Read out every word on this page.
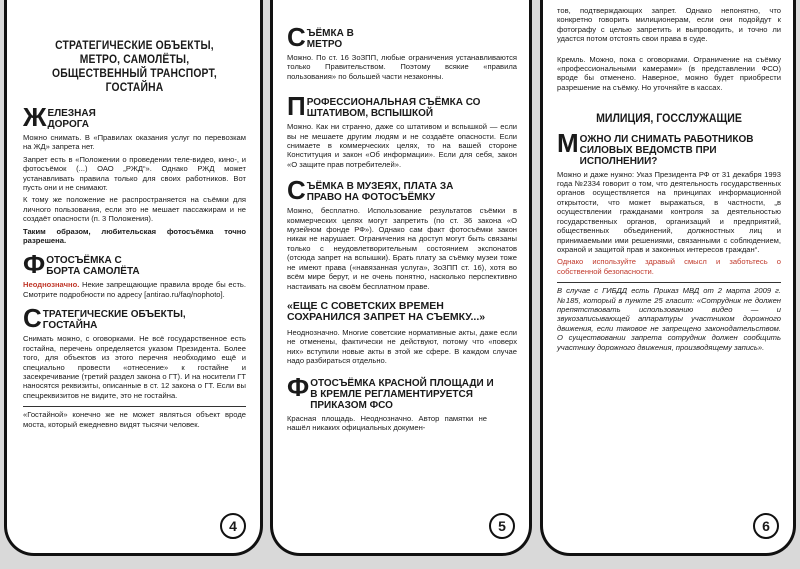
СТРАТЕГИЧЕСКИЕ ОБЪЕКТЫ, МЕТРО, САМОЛЁТЫ, ОБЩЕСТВЕННЫЙ ТРАНСПОРТ, ГОСТАЙНА
Ж ЕЛЕЗНАЯ ДОРОГА

Можно снимать. В «Правилах оказания услуг по перевозкам на ЖД» запрета нет.

Запрет есть в «Положении о проведении теле-видео, кино-, и фотосъёмок (...) ОАО „РЖД“». Однако РЖД может устанавливать правила только для своих работников. Вот пусть они и не снимают.

К тому же положение не распространяется на съёмки для личного пользования, если это не мешает пассажирам и не создаёт опасности (п. 3 Положения).

Таким образом, любительская фотосъёмка точно разрешена.

Ф ОТОСЪЁМКА С БОРТА САМОЛЁТА

Неоднозначно. Некие запрещающие правила вроде бы есть. Смотрите подробности по адресу [antirao.ru/faq/nophoto].

С ТРАТЕГИЧЕСКИЕ ОБЪЕКТЫ, ГОСТАЙНА

Снимать можно, с оговорками. Не всё государственное есть гостайна, перечень определяется указом Президента. Более того, для объектов из этого перечня необходимо ещё и специально провести «отнесение» к гостайне и засекречивание (третий раздел закона о ГТ). И на носители ГТ наносятся реквизиты, описанные в ст. 12 закона о ГТ. Если вы спецреквизитов не видите, это не гостайна.

«Гостайной» конечно же не может являться объект вроде моста, который ежедневно видят тысячи человек.

4
С ЪЁМКА В МЕТРО

Можно. По ст. 16 ЗоЗПП, любые ограничения устанавливаются только Правительством. Поэтому всякие «правила пользования» по большей части незаконны.

П РОФЕССИОНАЛЬНАЯ СЪЁМКА СО ШТАТИВОМ, ВСПЫШКОЙ

Можно. Как ни странно, даже со штативом и вспышкой — если вы не мешаете другим людям и не создаёте опасности. Если снимаете в коммерческих целях, то на вашей стороне Конституция и закон «Об информации». Если для себя, закон «О защите прав потребителей».

С ЪЁМКА В МУЗЕЯХ, ПЛАТА ЗА ПРАВО НА ФОТОСЪЁМКУ

Можно, бесплатно. Использование результатов съёмки в коммерческих целях могут запретить (по ст. 36 закона «О музейном фонде РФ»). Однако сам факт фотосъёмки закон никак не нарушает. Ограничения на доступ могут быть связаны только с неудовлетворительным состоянием экспонатов (отсюда запрет на вспышки). Брать плату за съёмку музеи тоже не имеют права («навязанная услуга», ЗоЗПП ст. 16), хотя во всём мире берут, и не очень понятно, насколько перспективно настаивать на своём бесплатном праве.

«ЕЩЕ С СОВЕТСКИХ ВРЕМЕН СОХРАНИЛСЯ ЗАПРЕТ НА СЪЕМКУ...»

Неоднозначно. Многие советские нормативные акты, даже если не отменены, фактически не действуют, потому что «поверх них» вступили новые акты в этой же сфере. В каждом случае надо разбираться отдельно.

Ф ОТОСЪЁМКА КРАСНОЙ ПЛОЩАДИ И В КРЕМЛЕ РЕГЛАМЕНТИРУЕТСЯ ПРИКАЗОМ ФСО

Красная площадь. Неоднозначно. Автор памятки не нашёл никаких официальных докумен-

5

тов, подтверждающих запрет. Однако непонятно, что конкретно говорить милиционерам, если они подойдут к фотографу с целью запретить и выпроводить, и точно ли удастся потом отстоять свои права в суде.

Кремль. Можно, пока с оговорками. Ограничение на съёмку «профессиональными камерами» (в представлении ФСО) вроде бы отменено. Наверное, можно будет приобрести разрешение на съёмку. Но уточняйте в кассах.

МИЛИЦИЯ, ГОССЛУЖАЩИЕ
М ОЖНО ЛИ СНИМАТЬ РАБОТНИКОВ СИЛОВЫХ ВЕДОМСТВ ПРИ ИСПОЛНЕНИИ?

Можно и даже нужно: Указ Президента РФ от 31 декабря 1993 года №2334 говорит о том, что деятельность государственных органов осуществляется на принципах информационной открытости, что может выражаться, в частности, „в осуществлении гражданами контроля за деятельностью государственных органов, организаций и предприятий, общественных объединений, должностных лиц и принимаемыми ими решениями, связанными с соблюдением, охраной и защитой прав и законных интересов граждан“.

Однако используйте здравый смысл и заботьтесь о собственной безопасности.

В случае с ГИБДД есть Приказ МВД от 2 марта 2009 г. №185, который в пункте 25 гласит: «Сотрудник не должен препятствовать использованию видео — и звукозаписывающей аппаратуры участником дорожного движения, если таковое не запрещено законодательством. О существовании запрета сотрудник должен сообщить участнику дорожного движения, производящему запись».

6
